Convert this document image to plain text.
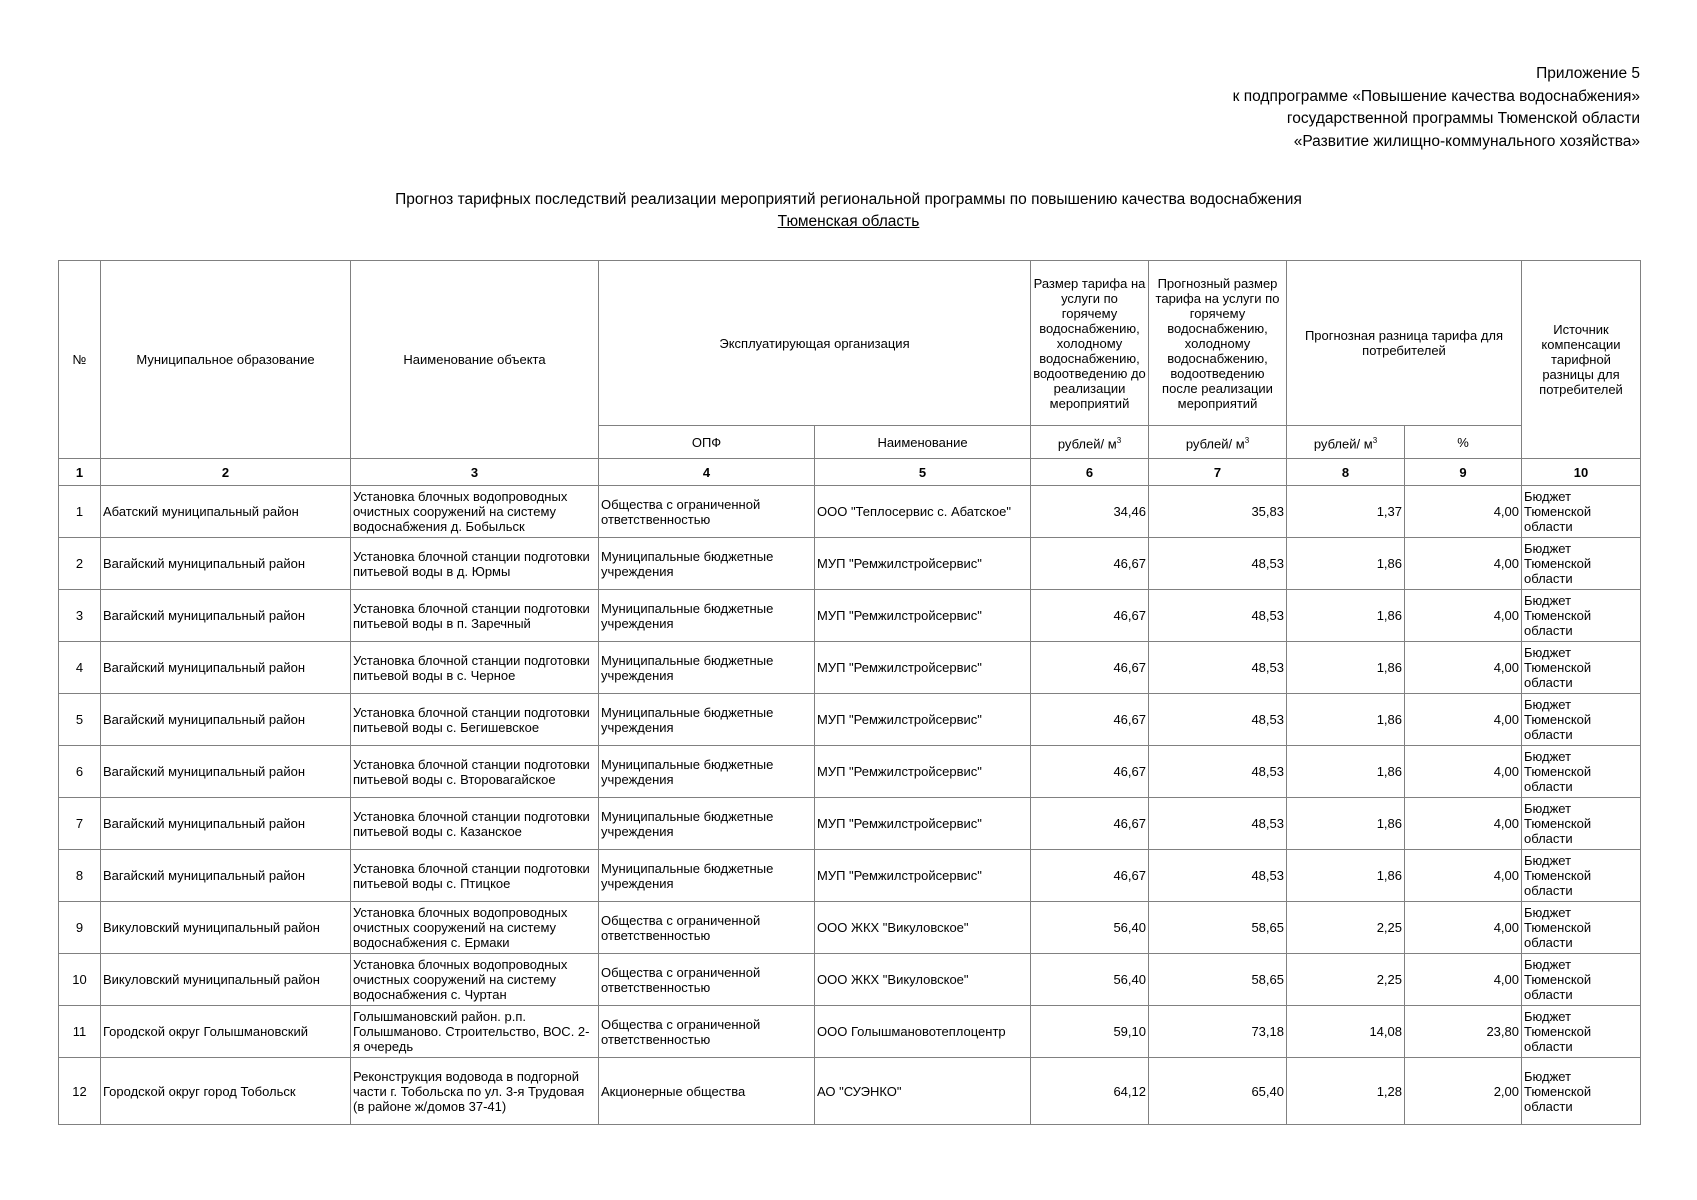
Приложение 5
к подпрограмме «Повышение качества водоснабжения»
государственной программы Тюменской области
«Развитие жилищно-коммунального хозяйства»
Прогноз тарифных последствий реализации мероприятий региональной программы по повышению качества водоснабжения
Тюменская область
№	Муниципальное образование	Наименование объекта	Эксплуатирующая организация		Размер тарифа на услуги по горячему водоснабжению, холодному водоснабжению, водоотведению до реализации мероприятий	Прогнозный размер тарифа на услуги по горячему водоснабжению, холодному водоснабжению, водоотведению после реализации мероприятий	Прогнозная разница тарифа для потребителей		Источник компенсации тарифной разницы для потребителей
			ОПФ	Наименование	рублей/ $м^3$	рублей/ $м^3$	рублей/ $м^3$	%	
1	2	3	4	5	6	7	8	9	10
1	Абатский муниципальный район	Установка блочных водопроводных очистных сооружений на систему водоснабжения д. Бобыльск	Общества с ограниченной ответственностью	ООО "Теплосервис с. Абатское"	34,46	35,83	1,37	4,00	Бюджет Тюменской области
2	Вагайский муниципальный район	Установка блочной станции подготовки питьевой воды в д. Юрмы	Муниципальные бюджетные учреждения	МУП "Ремжилстройсервис"	46,67	48,53	1,86	4,00	Бюджет Тюменской области
3	Вагайский муниципальный район	Установка блочной станции подготовки питьевой воды в п. Заречный	Муниципальные бюджетные учреждения	МУП "Ремжилстройсервис"	46,67	48,53	1,86	4,00	Бюджет Тюменской области
4	Вагайский муниципальный район	Установка блочной станции подготовки питьевой воды в с. Черное	Муниципальные бюджетные учреждения	МУП "Ремжилстройсервис"	46,67	48,53	1,86	4,00	Бюджет Тюменской области
5	Вагайский муниципальный район	Установка блочной станции подготовки питьевой воды с. Бегишевское	Муниципальные бюджетные учреждения	МУП "Ремжилстройсервис"	46,67	48,53	1,86	4,00	Бюджет Тюменской области
6	Вагайский муниципальный район	Установка блочной станции подготовки питьевой воды с. Второвагайское	Муниципальные бюджетные учреждения	МУП "Ремжилстройсервис"	46,67	48,53	1,86	4,00	Бюджет Тюменской области
7	Вагайский муниципальный район	Установка блочной станции подготовки питьевой воды с. Казанское	Муниципальные бюджетные учреждения	МУП "Ремжилстройсервис"	46,67	48,53	1,86	4,00	Бюджет Тюменской области
8	Вагайский муниципальный район	Установка блочной станции подготовки питьевой воды с. Птицкое	Муниципальные бюджетные учреждения	МУП "Ремжилстройсервис"	46,67	48,53	1,86	4,00	Бюджет Тюменской области
9	Викуловский муниципальный район	Установка блочных водопроводных очистных сооружений на систему водоснабжения с. Ермаки	Общества с ограниченной ответственностью	ООО ЖКХ "Викуловское"	56,40	58,65	2,25	4,00	Бюджет Тюменской области
10	Викуловский муниципальный район	Установка блочных водопроводных очистных сооружений на систему водоснабжения с. Чуртан	Общества с ограниченной ответственностью	ООО ЖКХ "Викуловское"	56,40	58,65	2,25	4,00	Бюджет Тюменской области
11	Городской округ Голышмановский	Голышмановский район. р.п. Голышманово. Строительство, ВОС. 2-я очередь	Общества с ограниченной ответственностью	ООО Голышмановотеплоцентр	59,10	73,18	14,08	23,80	Бюджет Тюменской области
12	Городской округ город Тобольск	Реконструкция водовода в подгорной части г. Тобольска по ул. 3-я Трудовая (в районе ж/домов 37-41)	Акционерные общества	АО "СУЭНКО"	64,12	65,40	1,28	2,00	Бюджет Тюменской области
